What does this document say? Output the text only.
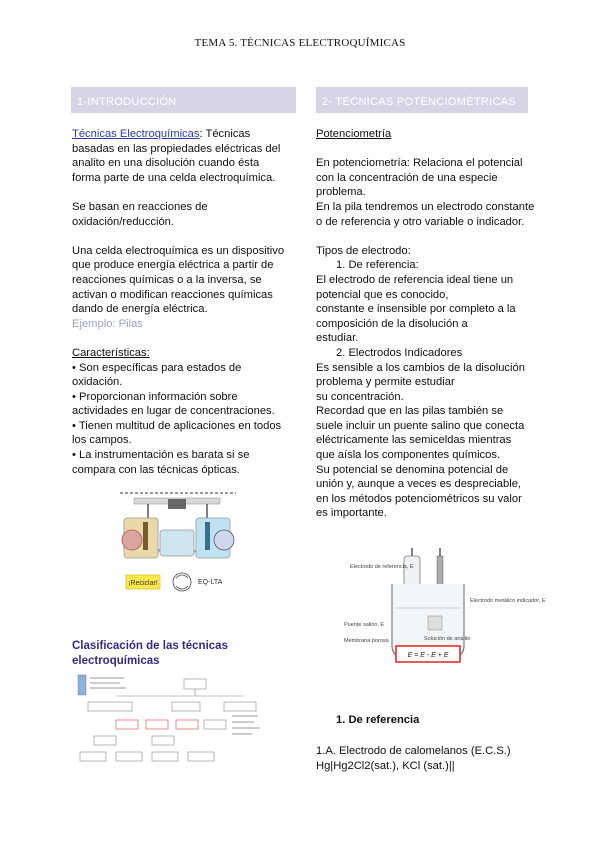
TEMA 5. TÉCNICAS ELECTROQUÍMICAS
1-INTRODUCCIÓN

Técnicas Electroquímicas: Técnicas basadas en las propiedades eléctricas del analito en una disolución cuando ésta forma parte de una celda electroquímica.

Se basan en reacciones de oxidación/reducción.

Una celda electroquímica es un dispositivo que produce energía eléctrica a partir de reacciones químicas o a la inversa, se activan o modifican reacciones químicas dando de energía eléctrica.

Ejemplo: Pilas

Características:
• Son específicas para estados de oxidación.
• Proporcionan información sobre actividades en lugar de concentraciones.
• Tienen multitud de aplicaciones en todos los campos.
• La instrumentación es barata si se compara con las técnicas ópticas.
¡Reciclar!	EQ-LTA
Clasificación de las técnicas electroquímicas
2- TÉCNICAS POTENCIOMÉTRICAS
Potenciometría
En potenciometría: Relaciona el potencial con la concentración de una especie problema.
En la pila tendremos un electrodo constante o de referencia y otro variable o indicador.
Tipos de electrodo:
1. De referencia:
El electrodo de referencia ideal tiene un
potencial que es conocido,
constante e insensible por completo a la
composición de la disolución a
estudiar.
2. Electrodos Indicadores
Es sensible a los cambios de la disolución
problema y permite estudiar
su concentración.
Recordad que en las pilas también se
suele incluir un puente salino que conecta
eléctricamente las semiceldas mientras
que aísla los componentes químicos.
Su potencial se denomina potencial de
unión y, aunque a veces es despreciable,
en los métodos potenciométricos su valor
es importante.
Electrodo de referencia, E
Electrodo metálico indicador, E
Puente salino, E
Membrana porosa	Solución de analito
E = E - E + E
1. De referencia
1.A. Electrodo de calomelanos (E.C.S.)
Hg|Hg2Cl2(sat.), KCl (sat.)||
